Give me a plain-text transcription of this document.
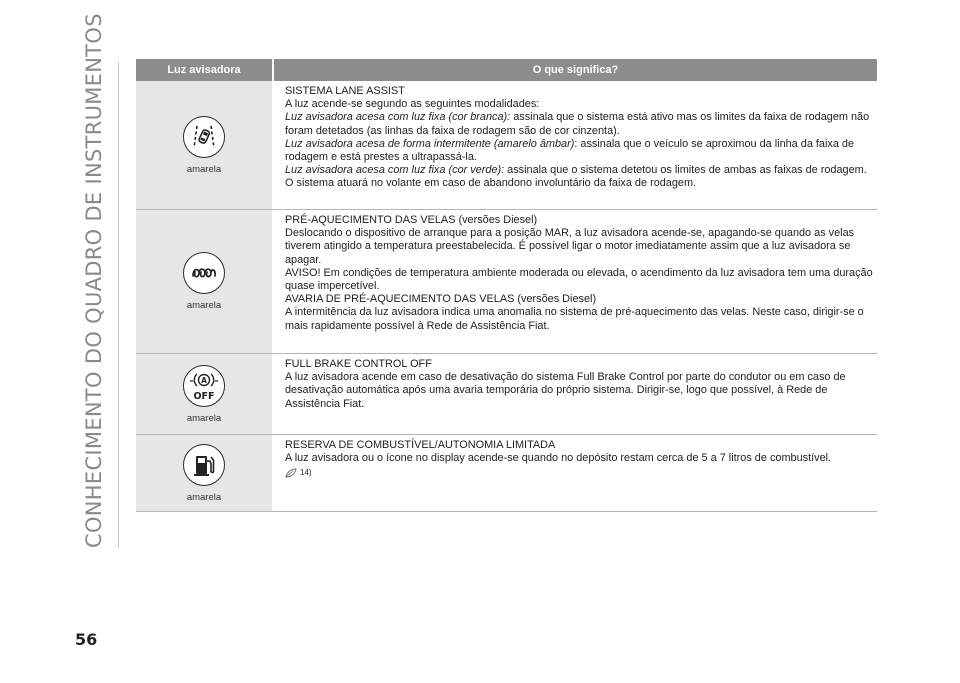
CONHECIMENTO DO QUADRO DE INSTRUMENTOS
56
Luz avisadora	O que significa?
amarela
SISTEMA LANE ASSIST
A luz acende-se segundo as seguintes modalidades:
Luz avisadora acesa com luz fixa (cor branca): assinala que o sistema está ativo mas os limites da faixa de rodagem não foram detetados (as linhas da faixa de rodagem são de cor cinzenta).
Luz avisadora acesa de forma intermitente (amarelo âmbar): assinala que o veículo se aproximou da linha da faixa de rodagem e está prestes a ultrapassá-la.
Luz avisadora acesa com luz fixa (cor verde): assinala que o sistema detetou os limites de ambas as faixas de rodagem. O sistema atuará no volante em caso de abandono involuntário da faixa de rodagem.
amarela
PRÉ-AQUECIMENTO DAS VELAS (versões Diesel)
Deslocando o dispositivo de arranque para a posição MAR, a luz avisadora acende-se, apagando-se quando as velas tiverem atingido a temperatura preestabelecida. É possível ligar o motor imediatamente assim que a luz avisadora se apagar.
AVISO! Em condições de temperatura ambiente moderada ou elevada, o acendimento da luz avisadora tem uma duração quase impercetível.
AVARIA DE PRÉ-AQUECIMENTO DAS VELAS (versões Diesel)
A intermitência da luz avisadora indica uma anomalia no sistema de pré-aquecimento das velas. Neste caso, dirigir-se o mais rapidamente possível à Rede de Assistência Fiat.
A
OFF
amarela
FULL BRAKE CONTROL OFF
A luz avisadora acende em caso de desativação do sistema Full Brake Control por parte do condutor ou em caso de desativação automática após uma avaria temporária do próprio sistema. Dirigir-se, logo que possível, à Rede de Assistência Fiat.
amarela
RESERVA DE COMBUSTÍVEL/AUTONOMIA LIMITADA
A luz avisadora ou o ícone no display acende-se quando no depósito restam cerca de 5 a 7 litros de combustível.
14)
